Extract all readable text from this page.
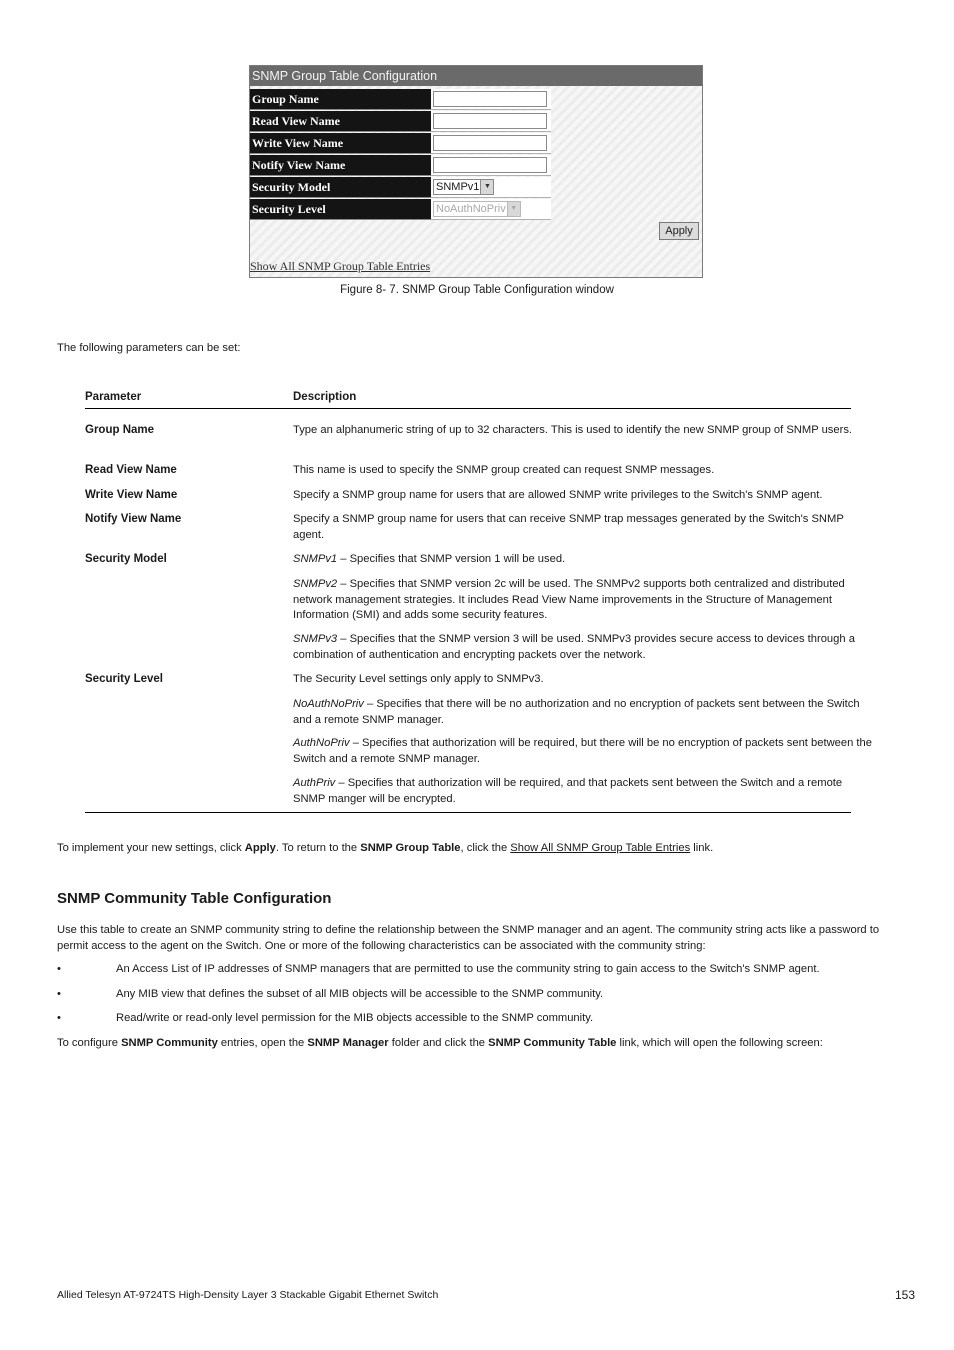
SNMP Group Table Configuration
Group Name
Read View Name
Write View Name
Notify View Name
Security Model	SNMPv1 ▼
Security Level	NoAuthNoPriv ▼
Apply
Show All SNMP Group Table Entries
Figure 8- 7. SNMP Group Table Configuration window
The following parameters can be set:
Parameter	Description
Group Name	Type an alphanumeric string of up to 32 characters. This is used to identify the new SNMP group of SNMP users.
Read View Name	This name is used to specify the SNMP group created can request SNMP messages.
Write View Name	Specify a SNMP group name for users that are allowed SNMP write privileges to the Switch's SNMP agent.
Notify View Name	Specify a SNMP group name for users that can receive SNMP trap messages generated by the Switch's SNMP agent.
Security Model	SNMPv1 – Specifies that SNMP version 1 will be used.
SNMPv2 – Specifies that SNMP version 2c will be used. The SNMPv2 supports both centralized and distributed network management strategies. It includes Read View Name improvements in the Structure of Management Information (SMI) and adds some security features.
SNMPv3 – Specifies that the SNMP version 3 will be used. SNMPv3 provides secure access to devices through a combination of authentication and encrypting packets over the network.
Security Level	The Security Level settings only apply to SNMPv3.
NoAuthNoPriv – Specifies that there will be no authorization and no encryption of packets sent between the Switch and a remote SNMP manager.
AuthNoPriv – Specifies that authorization will be required, but there will be no encryption of packets sent between the Switch and a remote SNMP manager.
AuthPriv – Specifies that authorization will be required, and that packets sent between the Switch and a remote SNMP manger will be encrypted.
To implement your new settings, click Apply. To return to the SNMP Group Table, click the Show All SNMP Group Table Entries link.
SNMP Community Table Configuration
Use this table to create an SNMP community string to define the relationship between the SNMP manager and an agent. The community string acts like a password to permit access to the agent on the Switch. One or more of the following characteristics can be associated with the community string:
•	An Access List of IP addresses of SNMP managers that are permitted to use the community string to gain access to the Switch's SNMP agent.
•	Any MIB view that defines the subset of all MIB objects will be accessible to the SNMP community.
•	Read/write or read-only level permission for the MIB objects accessible to the SNMP community.
To configure SNMP Community entries, open the SNMP Manager folder and click the SNMP Community Table link, which will open the following screen:
Allied Telesyn AT-9724TS High-Density Layer 3 Stackable Gigabit Ethernet Switch	153
